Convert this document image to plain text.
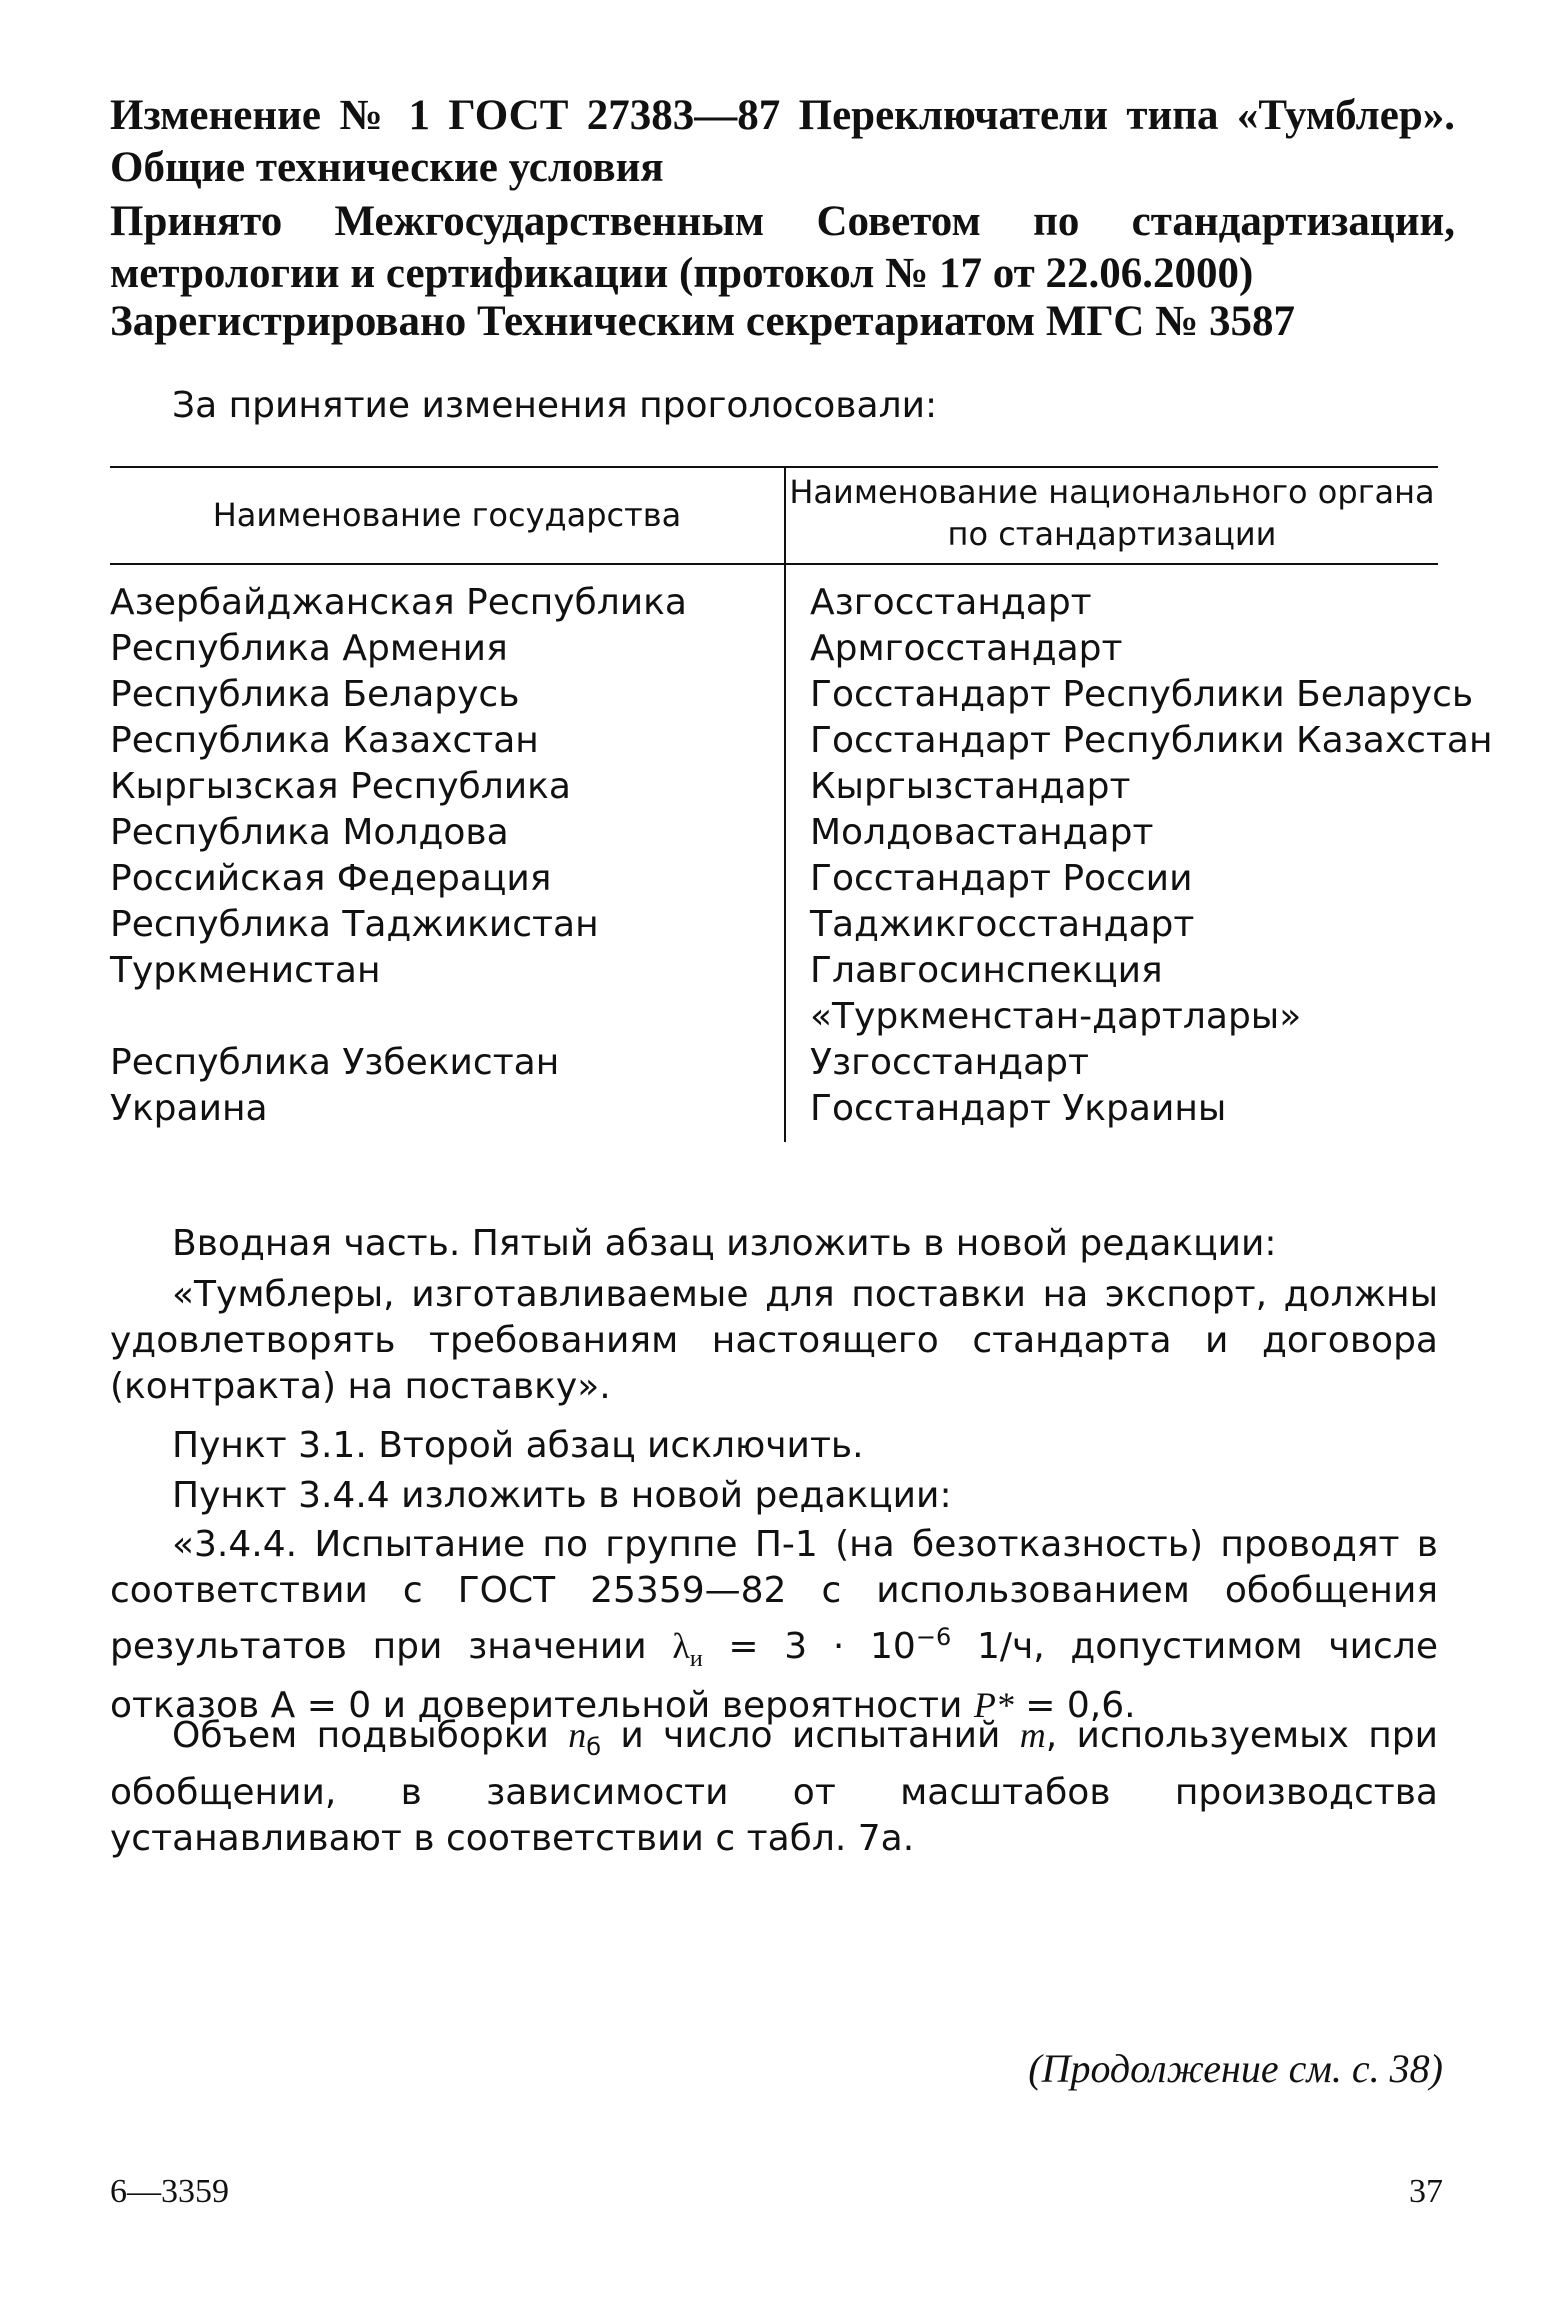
Изменение № 1 ГОСТ 27383—87 Переключатели типа «Тумблер». Общие технические условия
Принято Межгосударственным Советом по стандартизации, метрологии и сертификации (протокол № 17 от 22.06.2000)
Зарегистрировано Техническим секретариатом МГС № 3587
За принятие изменения проголосовали:
Наименование государства
Наименование национального органа по стандартизации
Азербайджанская Республика
Республика Армения
Республика Беларусь
Республика Казахстан
Кыргызская Республика
Республика Молдова
Российская Федерация
Республика Таджикистан
Туркменистан
Республика Узбекистан
Украина
Азгосстандарт
Армгосстандарт
Госстандарт Республики Беларусь
Госстандарт Республики Казахстан
Кыргызстандарт
Молдовастандарт
Госстандарт России
Таджикгосстандарт
Главгосинспекция «Туркменстан-дартлары»
Узгосстандарт
Госстандарт Украины
Вводная часть. Пятый абзац изложить в новой редакции:
«Тумблеры, изготавливаемые для поставки на экспорт, должны удовлетворять требованиям настоящего стандарта и договора (контракта) на поставку».
Пункт 3.1. Второй абзац исключить.
Пункт 3.4.4 изложить в новой редакции:
«3.4.4. Испытание по группе П-1 (на безотказность) проводят в соответствии с ГОСТ 25359—82 с использованием обобщения результатов при значении $\lambda_и = 3 \cdot 10^{-6}$ 1/ч, допустимом числе отказов А = 0 и доверительной вероятности P* = 0,6.
Объем подвыборки $n_б$ и число испытаний m, используемых при обобщении, в зависимости от масштабов производства устанавливают в соответствии с табл. 7а.
(Продолжение см. с. 38)
6—3359	37
